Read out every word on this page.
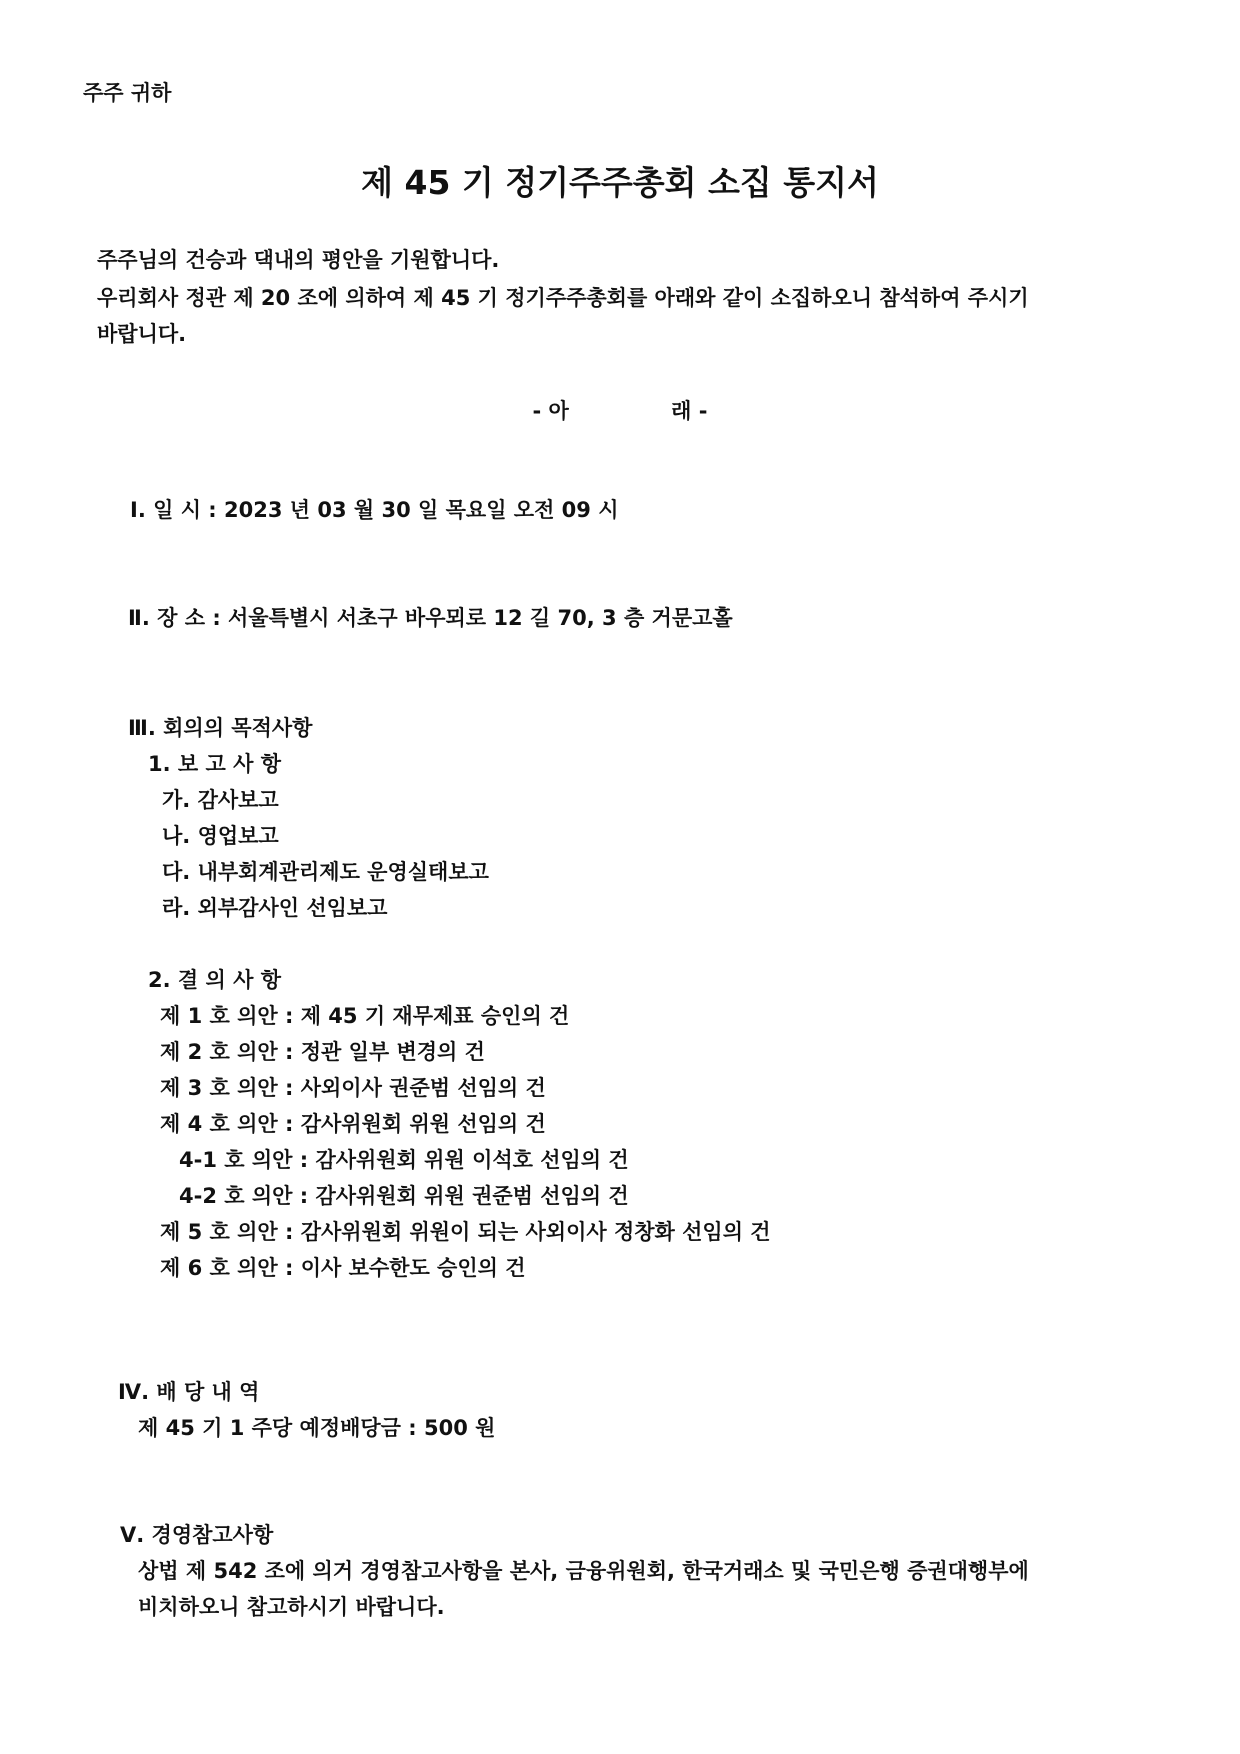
주주 귀하
제 45 기 정기주주총회 소집 통지서
주주님의 건승과 댁내의 평안을 기원합니다.
우리회사 정관 제 20 조에 의하여 제 45 기 정기주주총회를 아래와 같이 소집하오니 참석하여 주시기
바랍니다.
- 아              래 -
Ⅰ. 일 시 : 2023 년 03 월 30 일 목요일 오전 09 시
Ⅱ. 장 소 : 서울특별시 서초구 바우뫼로 12 길 70, 3 층 거문고홀
Ⅲ. 회의의 목적사항
1. 보 고 사 항
가. 감사보고
나. 영업보고
다. 내부회계관리제도 운영실태보고
라. 외부감사인 선임보고
2. 결 의 사 항
제 1 호 의안 : 제 45 기 재무제표 승인의 건
제 2 호 의안 : 정관 일부 변경의 건
제 3 호 의안 : 사외이사 권준범 선임의 건
제 4 호 의안 : 감사위원회 위원 선임의 건
4-1 호 의안 : 감사위원회 위원 이석호 선임의 건
4-2 호 의안 : 감사위원회 위원 권준범 선임의 건
제 5 호 의안 : 감사위원회 위원이 되는 사외이사 정창화 선임의 건
제 6 호 의안 : 이사 보수한도 승인의 건
Ⅳ. 배 당 내 역
제 45 기 1 주당 예정배당금 : 500 원
Ⅴ. 경영참고사항
상법 제 542 조에 의거 경영참고사항을 본사, 금융위원회, 한국거래소 및 국민은행 증권대행부에
비치하오니 참고하시기 바랍니다.
